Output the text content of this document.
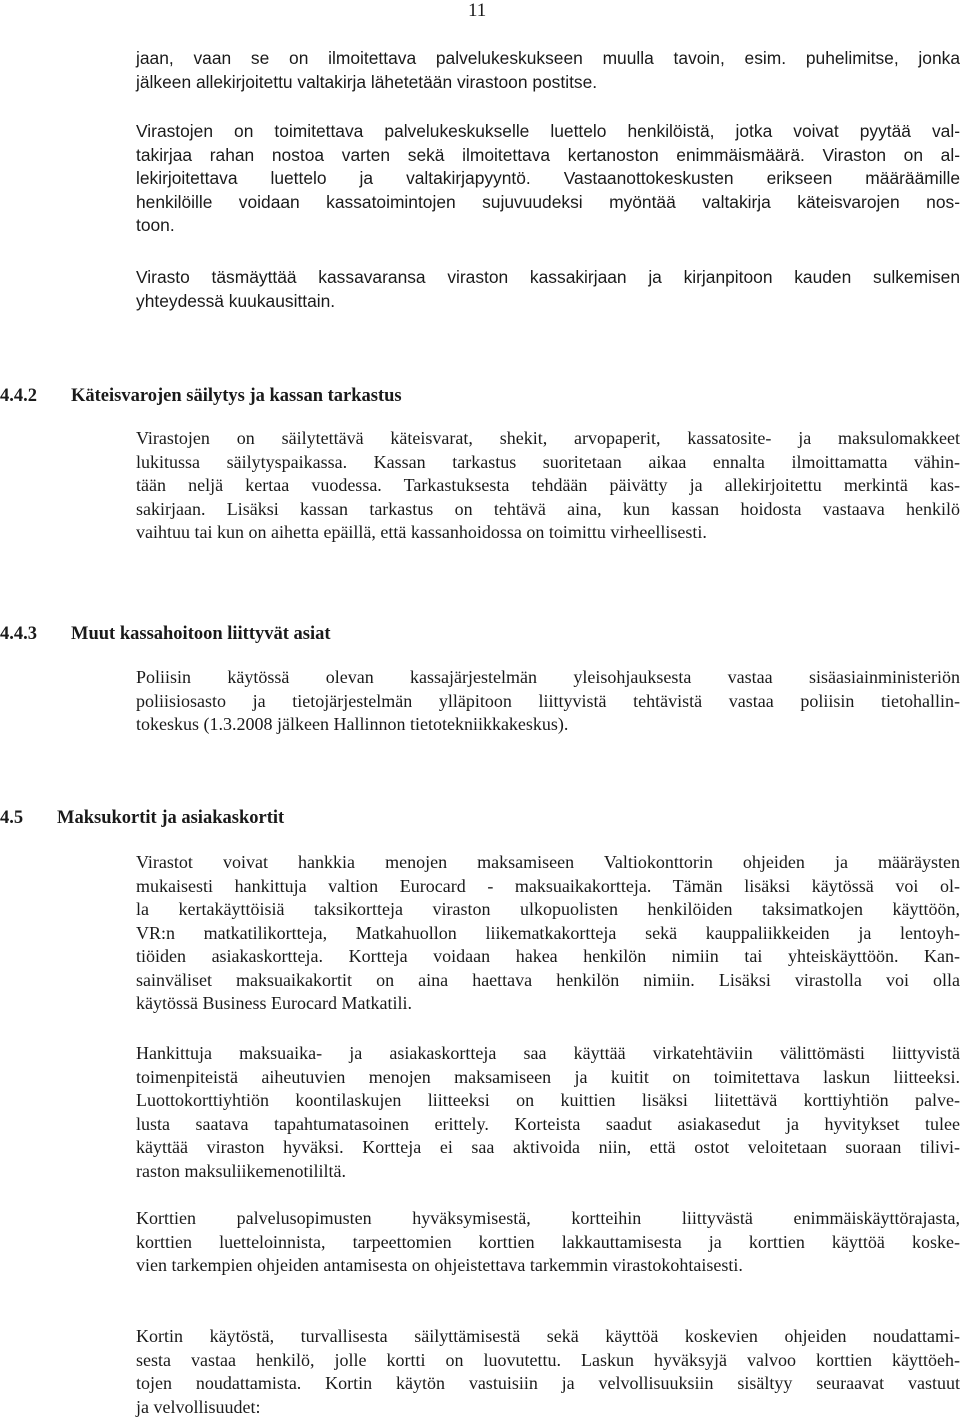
11
jaan, vaan se on ilmoitettava palvelukeskukseen muulla tavoin, esim. puhelimitse, jonka
jälkeen allekirjoitettu valtakirja lähetetään virastoon postitse.
Virastojen on toimitettava palvelukeskukselle luettelo henkilöistä, jotka voivat pyytää val-
takirjaa rahan nostoa varten sekä ilmoitettava kertanoston enimmäismäärä. Viraston on al-
lekirjoitettava luettelo ja valtakirjapyyntö. Vastaanottokeskusten erikseen määräämille
henkilöille voidaan kassatoimintojen sujuvuudeksi myöntää valtakirja käteisvarojen nos-
toon.
Virasto täsmäyttää kassavaransa viraston kassakirjaan ja kirjanpitoon kauden sulkemisen
yhteydessä kuukausittain.
4.4.2 Käteisvarojen säilytys ja kassan tarkastus
Virastojen on säilytettävä käteisvarat, shekit, arvopaperit, kassatosite- ja maksulomakkeet
lukitussa säilytyspaikassa. Kassan tarkastus suoritetaan aikaa ennalta ilmoittamatta vähin-
tään neljä kertaa vuodessa. Tarkastuksesta tehdään päivätty ja allekirjoitettu merkintä kas-
sakirjaan. Lisäksi kassan tarkastus on tehtävä aina, kun kassan hoidosta vastaava henkilö
vaihtuu tai kun on aihetta epäillä, että kassanhoidossa on toimittu virheellisesti.
4.4.3 Muut kassahoitoon liittyvät asiat
Poliisin käytössä olevan kassajärjestelmän yleisohjauksesta vastaa sisäasiainministeriön
poliisiosasto ja tietojärjestelmän ylläpitoon liittyvistä tehtävistä vastaa poliisin tietohallin-
tokeskus (1.3.2008 jälkeen Hallinnon tietotekniikkakeskus).
4.5 Maksukortit ja asiakaskortit
Virastot voivat hankkia menojen maksamiseen Valtiokonttorin ohjeiden ja määräysten
mukaisesti hankittuja valtion Eurocard - maksuaikakortteja. Tämän lisäksi käytössä voi ol-
la kertakäyttöisiä taksikortteja viraston ulkopuolisten henkilöiden taksimatkojen käyttöön,
VR:n matkatilikortteja, Matkahuollon liikematkakortteja sekä kauppaliikkeiden ja lentoyh-
tiöiden asiakaskortteja. Kortteja voidaan hakea henkilön nimiin tai yhteiskäyttöön. Kan-
sainväliset maksuaikakortit on aina haettava henkilön nimiin. Lisäksi virastolla voi olla
käytössä Business Eurocard Matkatili.
Hankittuja maksuaika- ja asiakaskortteja saa käyttää virkatehtäviin välittömästi liittyvistä
toimenpiteistä aiheutuvien menojen maksamiseen ja kuitit on toimitettava laskun liitteeksi.
Luottokorttiyhtiön koontilaskujen liitteeksi on kuittien lisäksi liitettävä korttiyhtiön palve-
lusta saatava tapahtumatasoinen erittely. Korteista saadut asiakasedut ja hyvitykset tulee
käyttää viraston hyväksi. Kortteja ei saa aktivoida niin, että ostot veloitetaan suoraan tilivi-
raston maksuliikemenotililtä.
Korttien palvelusopimusten hyväksymisestä, kortteihin liittyvästä enimmäiskäyttörajasta,
korttien luetteloinnista, tarpeettomien korttien lakkauttamisesta ja korttien käyttöä koske-
vien tarkempien ohjeiden antamisesta on ohjeistettava tarkemmin virastokohtaisesti.
Kortin käytöstä, turvallisesta säilyttämisestä sekä käyttöä koskevien ohjeiden noudattami-
sesta vastaa henkilö, jolle kortti on luovutettu. Laskun hyväksyjä valvoo korttien käyttöeh-
tojen noudattamista. Kortin käytön vastuisiin ja velvollisuuksiin sisältyy seuraavat vastuut
ja velvollisuudet:
